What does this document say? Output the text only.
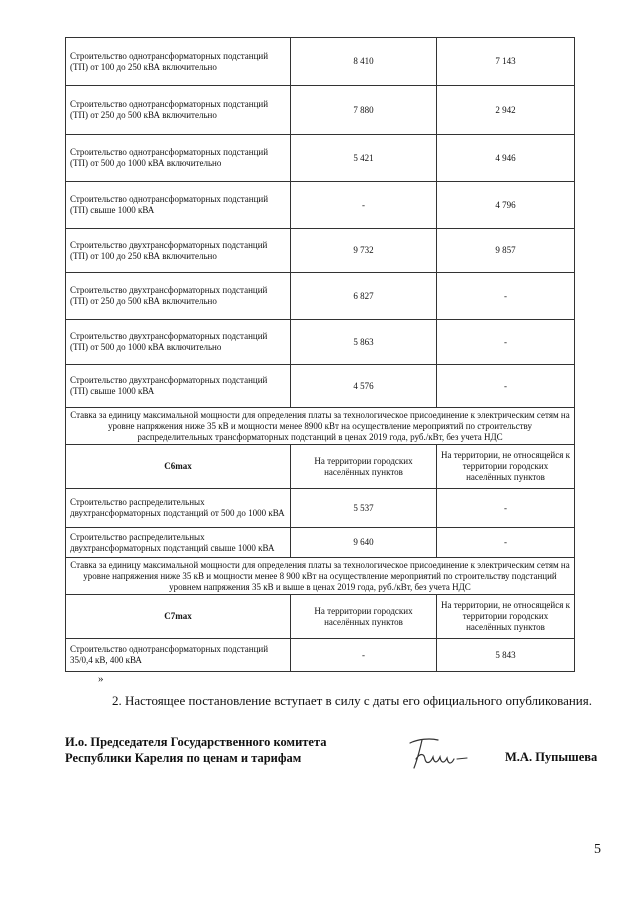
Строительство однотрансформаторных подстанций (ТП) от 100 до 250 кВА включительно	8 410	7 143
Строительство однотрансформаторных подстанций (ТП) от 250 до 500 кВА включительно	7 880	2 942
Строительство однотрансформаторных подстанций (ТП) от 500 до 1000 кВА включительно	5 421	4 946
Строительство однотрансформаторных подстанций (ТП) свыше 1000 кВА	-	4 796
Строительство двухтрансформаторных подстанций (ТП) от 100 до 250 кВА включительно	9 732	9 857
Строительство двухтрансформаторных подстанций (ТП) от 250 до 500 кВА включительно	6 827	-
Строительство двухтрансформаторных подстанций (ТП) от 500 до 1000 кВА включительно	5 863	-
Строительство двухтрансформаторных подстанций (ТП) свыше 1000 кВА	4 576	-
Ставка за единицу максимальной мощности для определения платы за технологическое присоединение к электрическим сетям на уровне напряжения ниже 35 кВ и мощности менее 8900 кВт на осуществление мероприятий по строительству распределительных трансформаторных подстанций в ценах 2019 года, руб./кВт, без учета НДС		
C6max	На территории городских населённых пунктов	На территории, не относящейся к территории городских населённых пунктов
Строительство распределительных двухтрансформаторных подстанций от 500 до 1000 кВА	5 537	-
Строительство распределительных двухтрансформаторных подстанций свыше 1000 кВА	9 640	-
Ставка за единицу максимальной мощности для определения платы за технологическое присоединение к электрическим сетям на уровне напряжения ниже 35 кВ и мощности менее 8 900 кВт на осуществление мероприятий по строительству подстанций уровнем напряжения 35 кВ и выше в ценах 2019 года, руб./кВт, без учета НДС		
C7max	На территории городских населённых пунктов	На территории, не относящейся к территории городских населённых пунктов
Строительство однотрансформаторных подстанций 35/0,4 кВ, 400 кВА	-	5 843
»
2. Настоящее постановление вступает в силу с даты его официального опубликования.
И.о. Председателя Государственного комитета
Республики Карелия по ценам и тарифам	М.А. Пупышева
5
